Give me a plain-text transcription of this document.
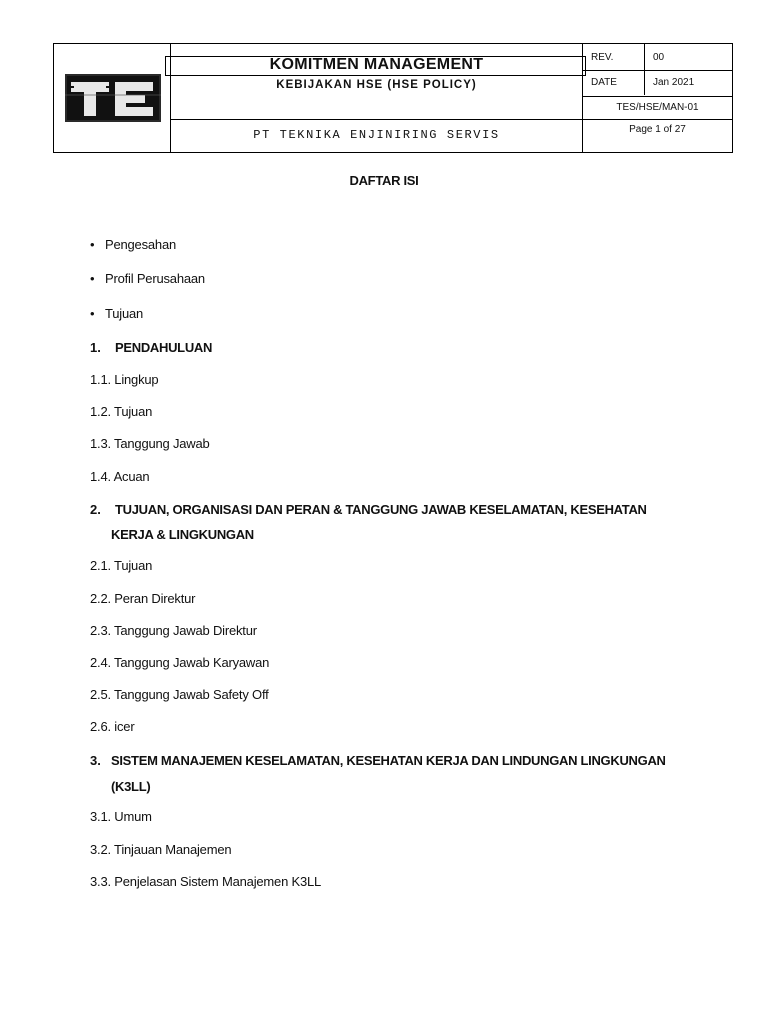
KOMITMEN MANAGEMENT
KEBIJAKAN HSE (HSE POLICY)
PT TEKNIKA ENJINIRING SERVIS
REV.	00
DATE	Jan 2021
TES/HSE/MAN-01
Page 1 of 27
DAFTAR ISI
• Pengesahan
• Profil Perusahaan
• Tujuan
1. PENDAHULUAN
1.1. Lingkup
1.2. Tujuan
1.3. Tanggung Jawab
1.4. Acuan
2. TUJUAN, ORGANISASI DAN PERAN & TANGGUNG JAWAB KESELAMATAN, KESEHATAN
KERJA & LINGKUNGAN
2.1. Tujuan
2.2. Peran Direktur
2.3. Tanggung Jawab Direktur
2.4. Tanggung Jawab Karyawan
2.5. Tanggung Jawab Safety Off
2.6. icer
3. SISTEM MANAJEMEN KESELAMATAN, KESEHATAN KERJA DAN LINDUNGAN LINGKUNGAN
(K3LL)
3.1. Umum
3.2. Tinjauan Manajemen
3.3. Penjelasan Sistem Manajemen K3LL
